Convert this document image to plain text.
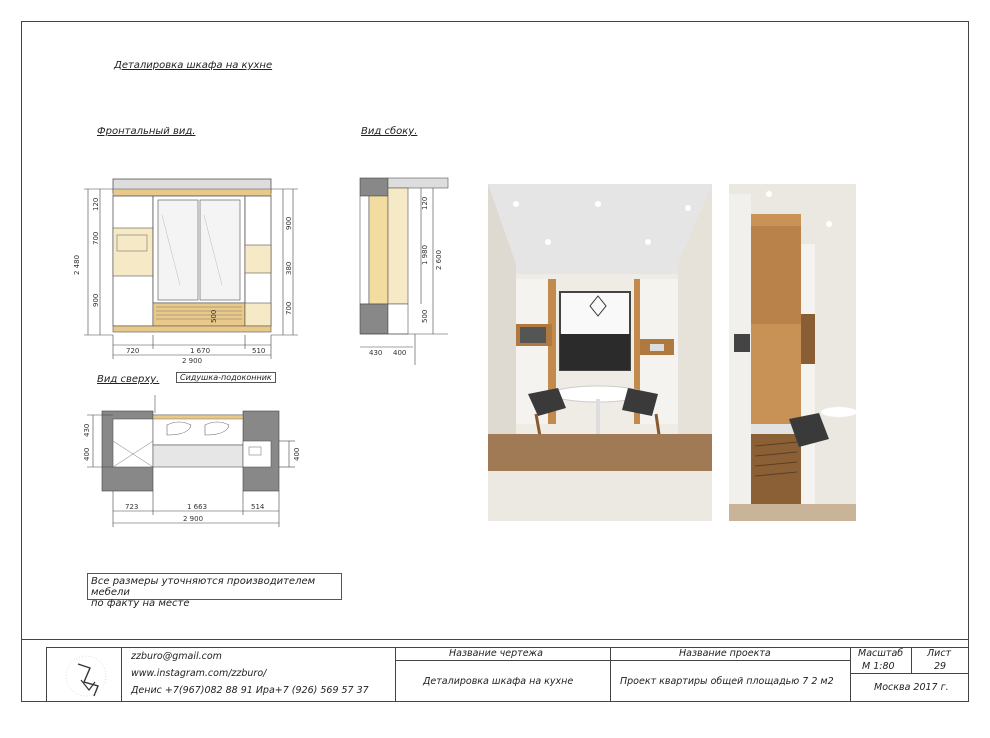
Деталировка шкафа на кухне
Фронтальный вид.	Вид сбоку.
Вид сверху.
2 480
120
700
900
900
380
700
500
720	1 670	510
2 900
120
1 980 2 600
500
430 400
Сидушка-подоконник
430
400	400
723	1 663	514
2 900
Все размеры уточняются производителем мебели
по факту на месте
zzburo@gmail.com
www.instagram.com/zzburo/
Денис +7(967)082 88 91 Ира+7 (926) 569 57 37
Название чертежа
Деталировка шкафа на кухне
Название проекта
Проект квартиры общей площадью 7 2 м2
Масштаб	Лист
М 1:80	29
Москва 2017 г.
